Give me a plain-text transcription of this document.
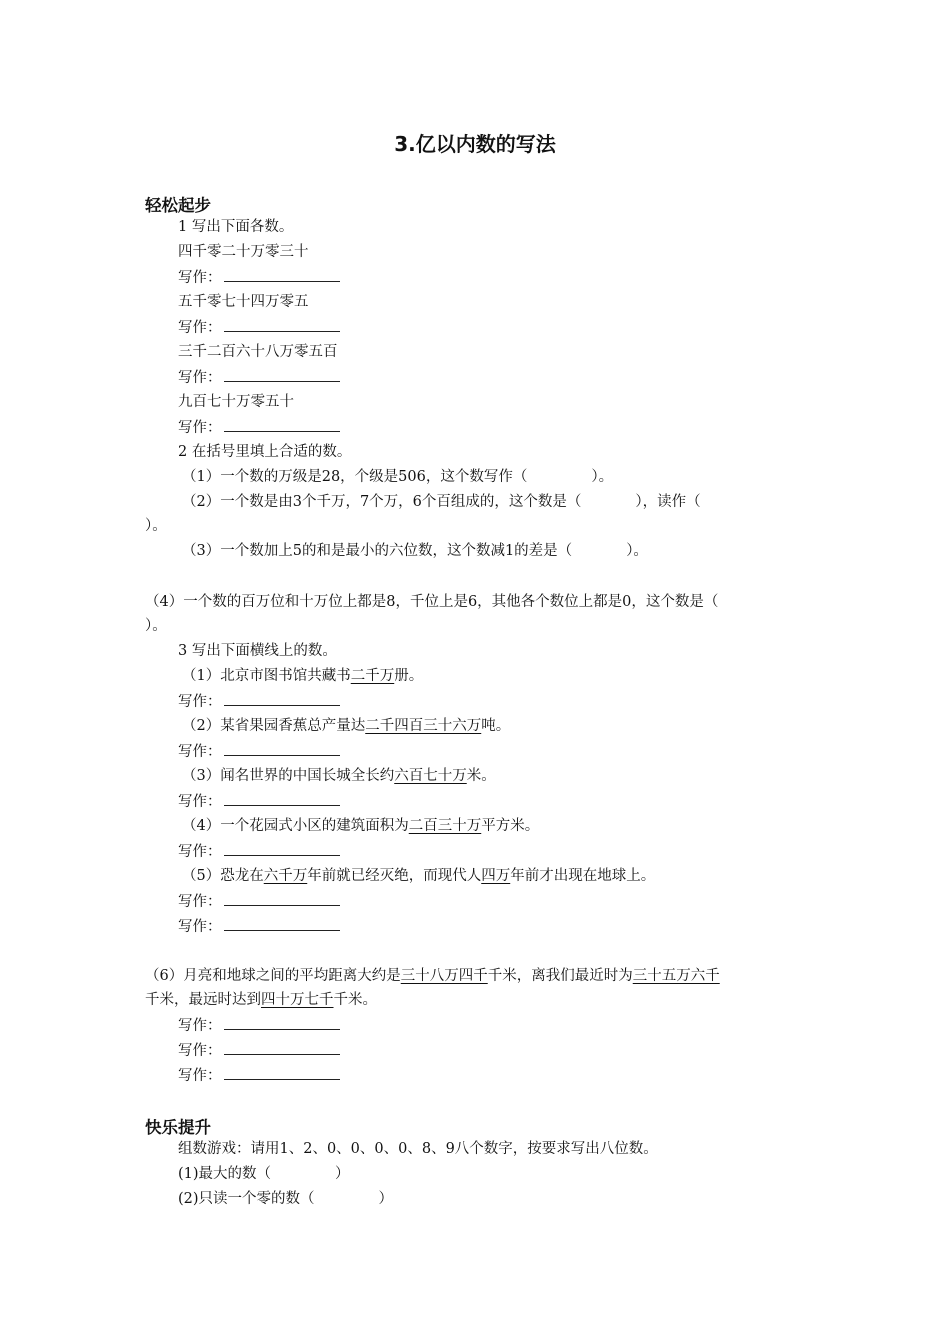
3.亿以内数的写法
轻松起步
1 写出下面各数。
四千零二十万零三十
写作：
五千零七十四万零五
写作：
三千二百六十八万零五百
写作：
九百七十万零五十
写作：
2 在括号里填上合适的数。
（1）一个数的万级是28，个级是506，这个数写作（	）。
（2）一个数是由3个千万，7个万，6个百组成的，这个数是（	），读作（
）。
（3）一个数加上5的和是最小的六位数，这个数减1的差是（	）。
（4）一个数的百万位和十万位上都是8，千位上是6，其他各个数位上都是0，这个数是（
）。
3 写出下面横线上的数。
（1）北京市图书馆共藏书二千万册。
写作：
（2）某省果园香蕉总产量达二千四百三十六万吨。
写作：
（3）闻名世界的中国长城全长约六百七十万米。
写作：
（4）一个花园式小区的建筑面积为二百三十万平方米。
写作：
（5）恐龙在六千万年前就已经灭绝，而现代人四万年前才出现在地球上。
写作：
写作：
（6）月亮和地球之间的平均距离大约是三十八万四千千米，离我们最近时为三十五万六千
千米，最远时达到四十万七千千米。
写作：
写作：
写作：
快乐提升
组数游戏：请用1、2、0、0、0、0、8、9八个数字，按要求写出八位数。
(1)最大的数（	）
(2)只读一个零的数（	）
